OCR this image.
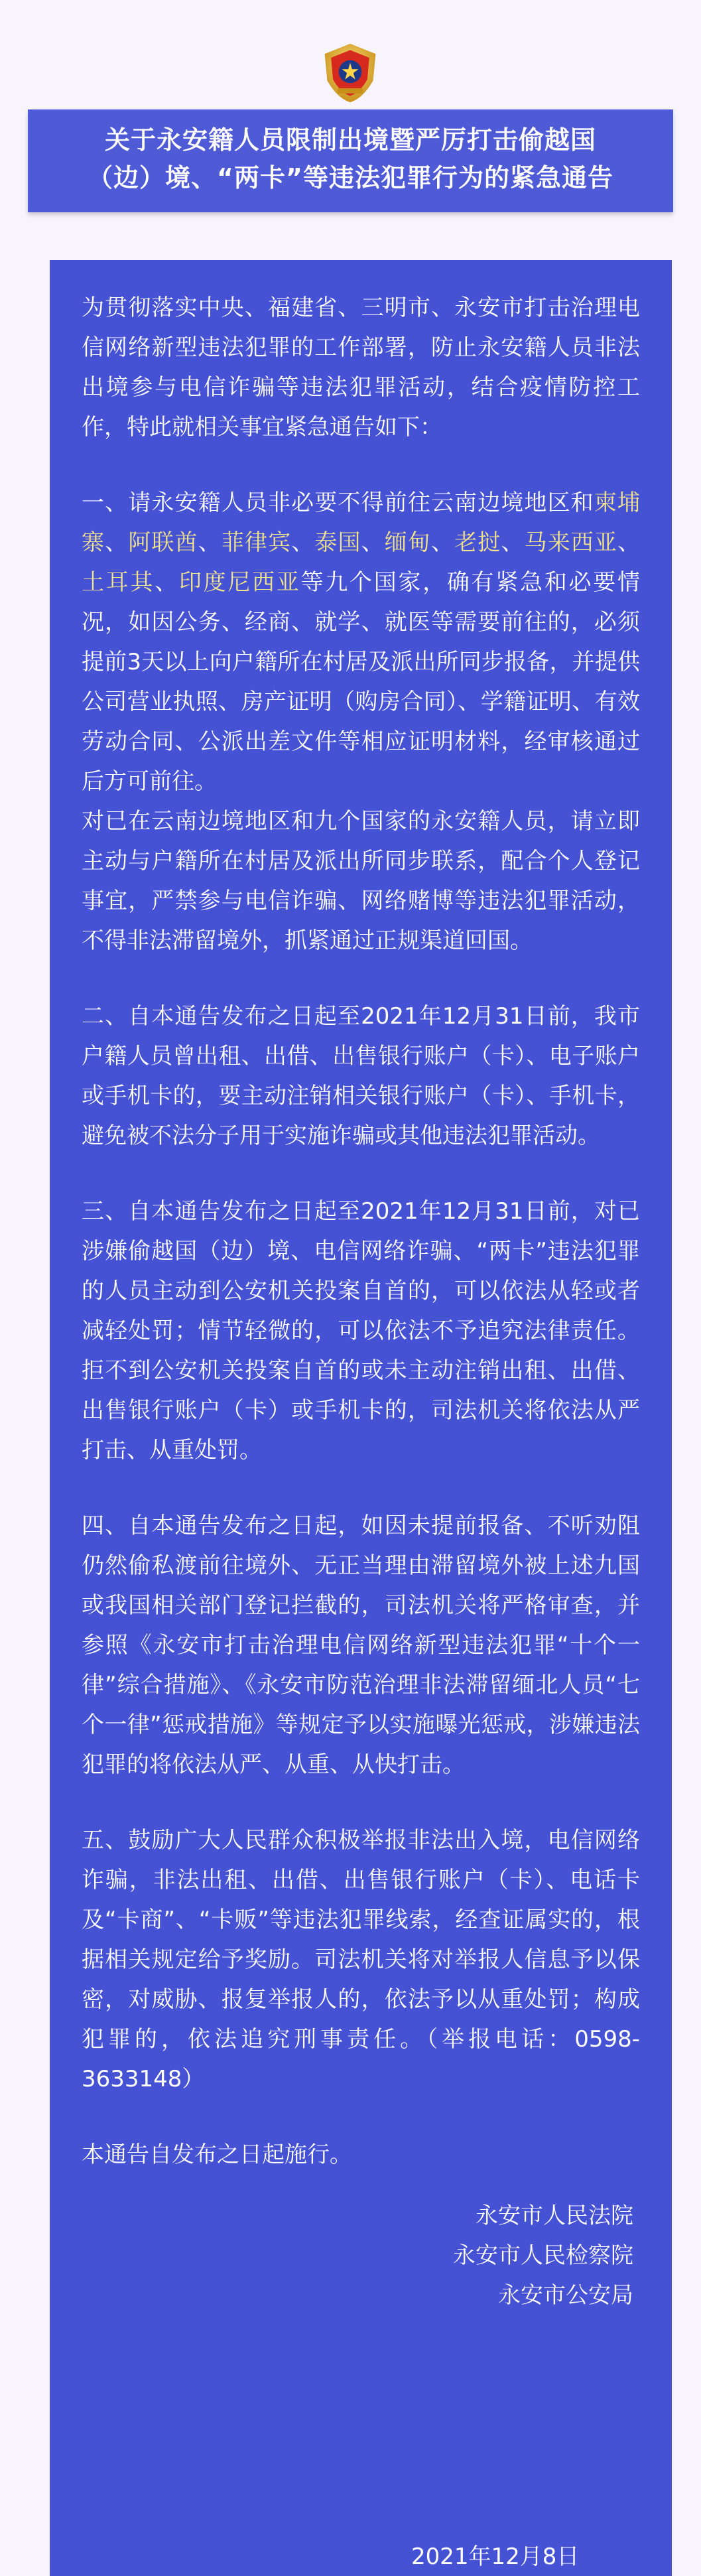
关于永安籍人员限制出境暨严厉打击偷越国
（边）境、“两卡”等违法犯罪行为的紧急通告
为贯彻落实中央、福建省、三明市、永安市打击治理电信网络新型违法犯罪的工作部署，防止永安籍人员非法出境参与电信诈骗等违法犯罪活动，结合疫情防控工作，特此就相关事宜紧急通告如下：

一、请永安籍人员非必要不得前往云南边境地区和柬埔寨、阿联酋、菲律宾、泰国、缅甸、老挝、马来西亚、土耳其、印度尼西亚等九个国家，确有紧急和必要情况，如因公务、经商、就学、就医等需要前往的，必须提前3天以上向户籍所在村居及派出所同步报备，并提供公司营业执照、房产证明（购房合同）、学籍证明、有效劳动合同、公派出差文件等相应证明材料，经审核通过后方可前往。

对已在云南边境地区和九个国家的永安籍人员，请立即主动与户籍所在村居及派出所同步联系，配合个人登记事宜，严禁参与电信诈骗、网络赌博等违法犯罪活动，不得非法滞留境外，抓紧通过正规渠道回国。

二、自本通告发布之日起至2021年12月31日前，我市户籍人员曾出租、出借、出售银行账户（卡）、电子账户或手机卡的，要主动注销相关银行账户（卡）、手机卡，避免被不法分子用于实施诈骗或其他违法犯罪活动。
三、自本通告发布之日起至2021年12月31日前，对已涉嫌偷越国（边）境、电信网络诈骗、“两卡”违法犯罪的人员主动到公安机关投案自首的，可以依法从轻或者减轻处罚；情节轻微的，可以依法不予追究法律责任。拒不到公安机关投案自首的或未主动注销出租、出借、出售银行账户（卡）或手机卡的，司法机关将依法从严打击、从重处罚。
四、自本通告发布之日起，如因未提前报备、不听劝阻仍然偷私渡前往境外、无正当理由滞留境外被上述九国或我国相关部门登记拦截的，司法机关将严格审查，并参照《永安市打击治理电信网络新型违法犯罪“十个一律”综合措施》、《永安市防范治理非法滞留缅北人员“七个一律”惩戒措施》等规定予以实施曝光惩戒，涉嫌违法犯罪的将依法从严、从重、从快打击。
五、鼓励广大人民群众积极举报非法出入境，电信网络诈骗，非法出租、出借、出售银行账户（卡）、电话卡及“卡商”、“卡贩”等违法犯罪线索，经查证属实的，根据相关规定给予奖励。司法机关将对举报人信息予以保密，对威胁、报复举报人的，依法予以从重处罚；构成犯罪的，依法追究刑事责任。（举报电话：0598-3633148）
本通告自发布之日起施行。
永安市人民法院
永安市人民检察院
永安市公安局
2021年12月8日
